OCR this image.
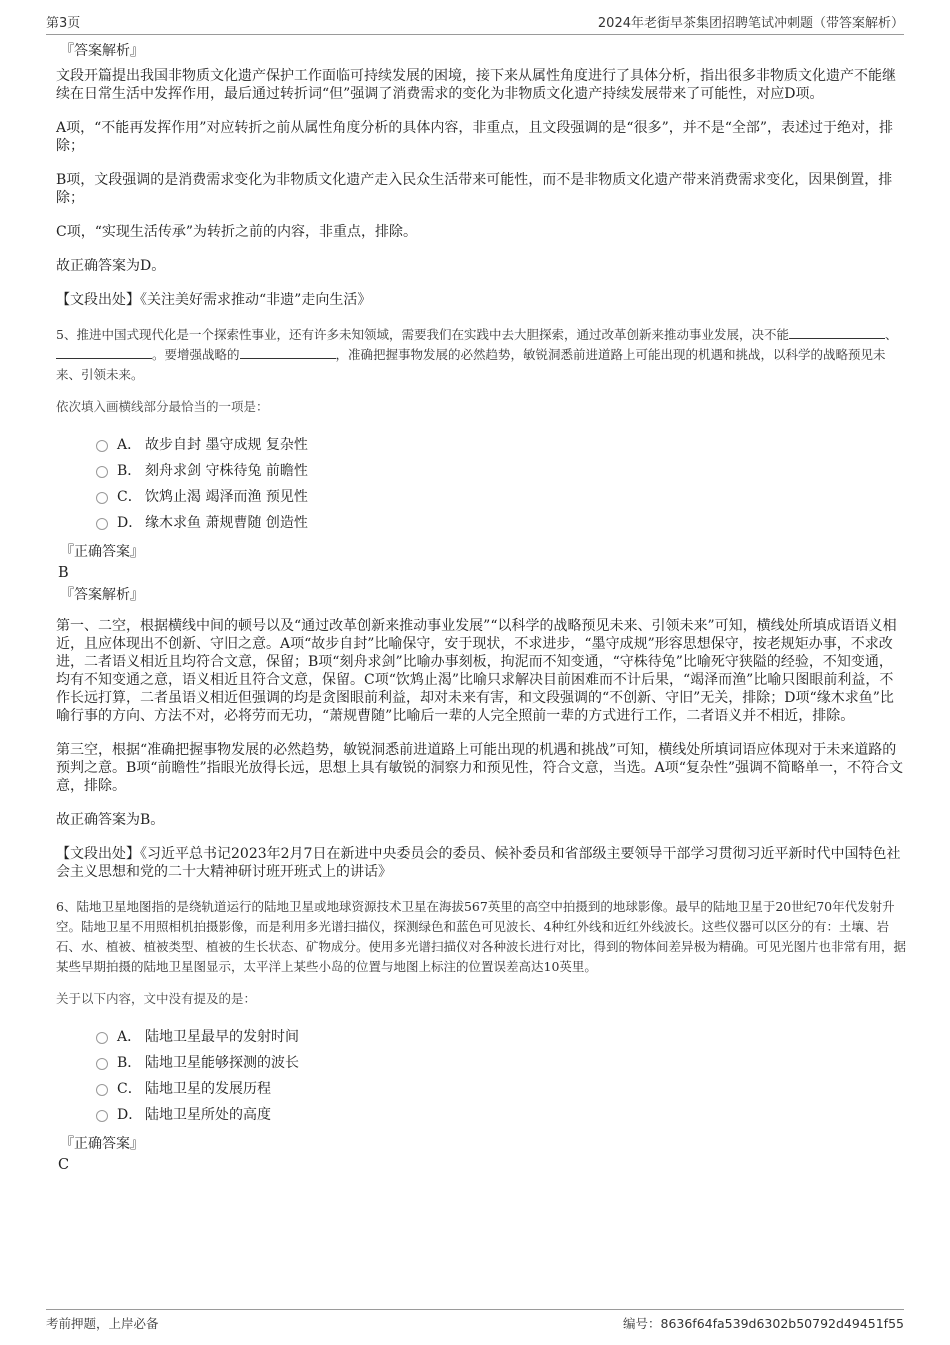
第3页	2024年老街早茶集团招聘笔试冲刺题（带答案解析）
『答案解析』

文段开篇提出我国非物质文化遗产保护工作面临可持续发展的困境，接下来从属性角度进行了具体分析，指出很多非物质文化遗产不能继续在日常生活中发挥作用，最后通过转折词“但”强调了消费需求的变化为非物质文化遗产持续发展带来了可能性，对应D项。

A项，“不能再发挥作用”对应转折之前从属性角度分析的具体内容，非重点，且文段强调的是“很多”，并不是“全部”，表述过于绝对，排除；

B项，文段强调的是消费需求变化为非物质文化遗产走入民众生活带来可能性，而不是非物质文化遗产带来消费需求变化，因果倒置，排除；

C项，“实现生活传承”为转折之前的内容，非重点，排除。

故正确答案为D。

【文段出处】《关注美好需求推动“非遗”走向生活》

5、推进中国式现代化是一个探索性事业，还有许多未知领域，需要我们在实践中去大胆探索，通过改革创新来推动事业发展，决不能	、。要增强战略的	，准确把握事物发展的必然趋势，敏锐洞悉前进道路上可能出现的机遇和挑战，以科学的战略预见未来、引领未来。

依次填入画横线部分最恰当的一项是：

A． 故步自封 墨守成规 复杂性
B． 刻舟求剑 守株待兔 前瞻性
C． 饮鸩止渴 竭泽而渔 预见性
D． 缘木求鱼 萧规曹随 创造性
『正确答案』
B
『答案解析』

第一、二空，根据横线中间的顿号以及“通过改革创新来推动事业发展”“以科学的战略预见未来、引领未来”可知，横线处所填成语语义相近，且应体现出不创新、守旧之意。A项“故步自封”比喻保守，安于现状，不求进步，“墨守成规”形容思想保守，按老规矩办事，不求改进，二者语义相近且均符合文意，保留；B项“刻舟求剑”比喻办事刻板，拘泥而不知变通，“守株待兔”比喻死守狭隘的经验，不知变通，均有不知变通之意，语义相近且符合文意，保留。C项“饮鸩止渴”比喻只求解决目前困难而不计后果，“竭泽而渔”比喻只图眼前利益，不作长远打算，二者虽语义相近但强调的均是贪图眼前利益，却对未来有害，和文段强调的“不创新、守旧”无关，排除；D项“缘木求鱼”比喻行事的方向、方法不对，必将劳而无功，“萧规曹随”比喻后一辈的人完全照前一辈的方式进行工作，二者语义并不相近，排除。

第三空，根据“准确把握事物发展的必然趋势，敏锐洞悉前进道路上可能出现的机遇和挑战”可知，横线处所填词语应体现对于未来道路的预判之意。B项“前瞻性”指眼光放得长远，思想上具有敏锐的洞察力和预见性，符合文意，当选。A项“复杂性”强调不简略单一，不符合文意，排除。

故正确答案为B。

【文段出处】《习近平总书记2023年2月7日在新进中央委员会的委员、候补委员和省部级主要领导干部学习贯彻习近平新时代中国特色社会主义思想和党的二十大精神研讨班开班式上的讲话》

6、陆地卫星地图指的是绕轨道运行的陆地卫星或地球资源技术卫星在海拔567英里的高空中拍摄到的地球影像。最早的陆地卫星于20世纪70年代发射升空。陆地卫星不用照相机拍摄影像，而是利用多光谱扫描仪，探测绿色和蓝色可见波长、4种红外线和近红外线波长。这些仪器可以区分的有：土壤、岩石、水、植被、植被类型、植被的生长状态、矿物成分。使用多光谱扫描仪对各种波长进行对比，得到的物体间差异极为精确。可见光图片也非常有用，据某些早期拍摄的陆地卫星图显示，太平洋上某些小岛的位置与地图上标注的位置误差高达10英里。

关于以下内容，文中没有提及的是：

A． 陆地卫星最早的发射时间
B． 陆地卫星能够探测的波长
C． 陆地卫星的发展历程
D． 陆地卫星所处的高度
『正确答案』
C
考前押题，上岸必备	编号：8636f64fa539d6302b50792d49451f55
